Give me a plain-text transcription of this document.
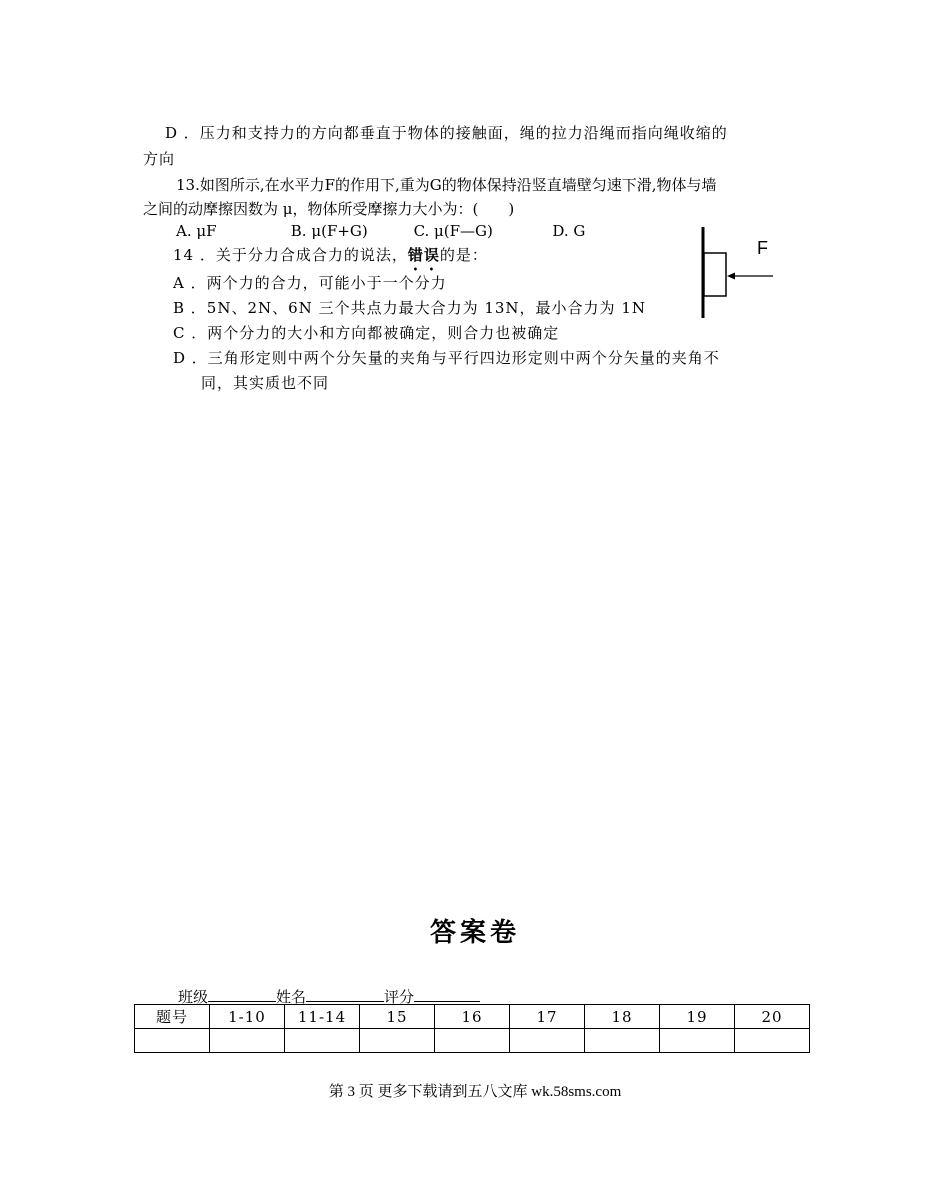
D ．压力和支持力的方向都垂直于物体的接触面，绳的拉力沿绳而指向绳收缩的
方向
13.如图所示,在水平力F的作用下,重为G的物体保持沿竖直墙壁匀速下滑,物体与墙
之间的动摩擦因数为 μ，物体所受摩擦力大小为：(　　)
A. μF	B. μ(F+G)	C. μ(F—G)	D. G
14 ．关于分力合成合力的说法，错误的是：
A ．两个力的合力，可能小于一个分力
B ．5N、2N、6N 三个共点力最大合力为 13N，最小合力为 1N
C ．两个分力的大小和方向都被确定，则合力也被确定
D ．三角形定则中两个分矢量的夹角与平行四边形定则中两个分矢量的夹角不
同，其实质也不同
F
答案卷
班级	姓名	评分
题号	1-10	11-14	15	16	17	18	19	20

第 3 页 更多下载请到五八文库 wk.58sms.com
